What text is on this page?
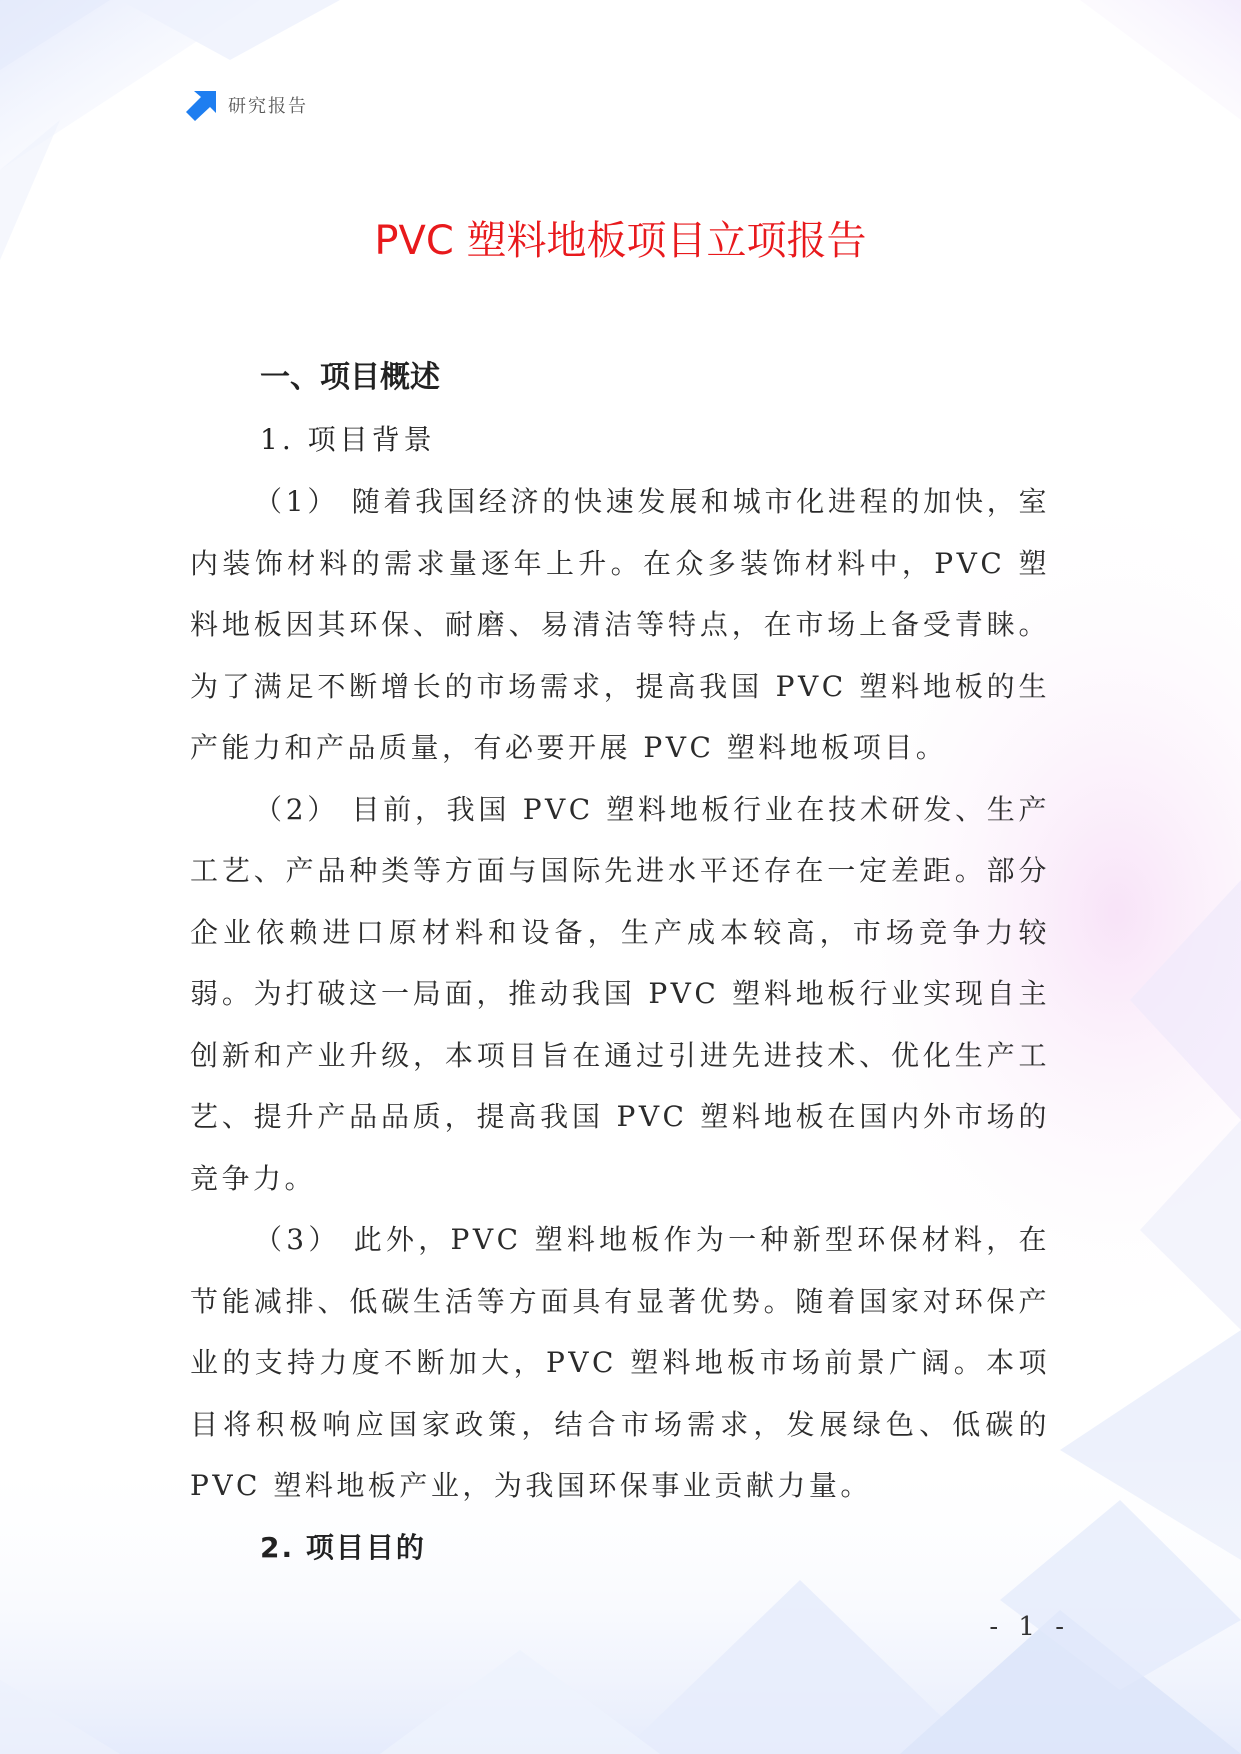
研究报告
PVC 塑料地板项目立项报告
一、项目概述
1. 项目背景

（1） 随着我国经济的快速发展和城市化进程的加快，室内装饰材料的需求量逐年上升。在众多装饰材料中，PVC 塑料地板因其环保、耐磨、易清洁等特点，在市场上备受青睐。为了满足不断增长的市场需求，提高我国 PVC 塑料地板的生产能力和产品质量，有必要开展 PVC 塑料地板项目。

（2） 目前，我国 PVC 塑料地板行业在技术研发、生产工艺、产品种类等方面与国际先进水平还存在一定差距。部分企业依赖进口原材料和设备，生产成本较高，市场竞争力较弱。为打破这一局面，推动我国 PVC 塑料地板行业实现自主创新和产业升级，本项目旨在通过引进先进技术、优化生产工艺、提升产品品质，提高我国 PVC 塑料地板在国内外市场的竞争力。

（3） 此外，PVC 塑料地板作为一种新型环保材料，在节能减排、低碳生活等方面具有显著优势。随着国家对环保产业的支持力度不断加大，PVC 塑料地板市场前景广阔。本项目将积极响应国家政策，结合市场需求，发展绿色、低碳的 PVC 塑料地板产业，为我国环保事业贡献力量。

2. 项目目的
- 1 -
